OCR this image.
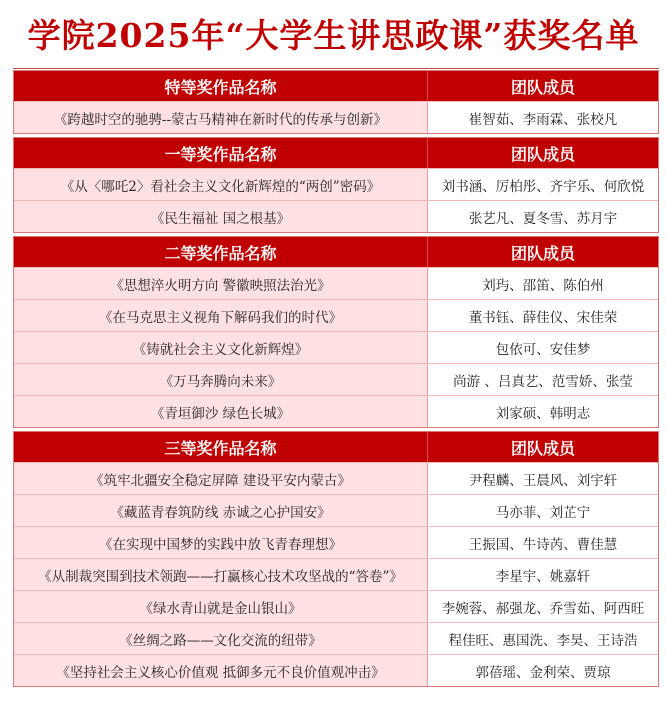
学院2025年“大学生讲思政课”获奖名单
特等奖作品名称	团队成员
《跨越时空的驰骋--蒙古马精神在新时代的传承与创新》	崔智茹、李雨霖、张校凡
一等奖作品名称	团队成员
《从〈哪吒2〉看社会主义文化新辉煌的“两创”密码》	刘书涵、厉柏彤、齐宇乐、何欣悦
《民生福祉 国之根基》	张艺凡、夏冬雪、苏月宇
二等奖作品名称	团队成员
《思想淬火明方向 警徽映照法治光》	刘玙、邵笛、陈伯州
《在马克思主义视角下解码我们的时代》	董书钰、薛佳仪、宋佳荣
《铸就社会主义文化新辉煌》	包依可、安佳梦
《万马奔腾向未来》	尚游 、吕真艺、范雪娇、张莹
《青垣御沙 绿色长城》	刘家硕、韩明志
三等奖作品名称	团队成员
《筑牢北疆安全稳定屏障 建设平安内蒙古》	尹程麟、王晨风、刘宇轩
《藏蓝青春筑防线 赤诚之心护国安》	马亦菲、刘芷宁
《在实现中国梦的实践中放飞青春理想》	王振国、牛诗芮、曹佳慧
《从制裁突围到技术领跑——打赢核心技术攻坚战的“答卷”》	李星宇、姚嘉轩
《绿水青山就是金山银山》	李婉蓉、郝强龙、乔雪茹、阿西旺
《丝绸之路——文化交流的纽带》	程佳旺、惠国洗、李昊、王诗浩
《坚持社会主义核心价值观 抵御多元不良价值观冲击》	郭蓓瑶、金利荣、贾琼
